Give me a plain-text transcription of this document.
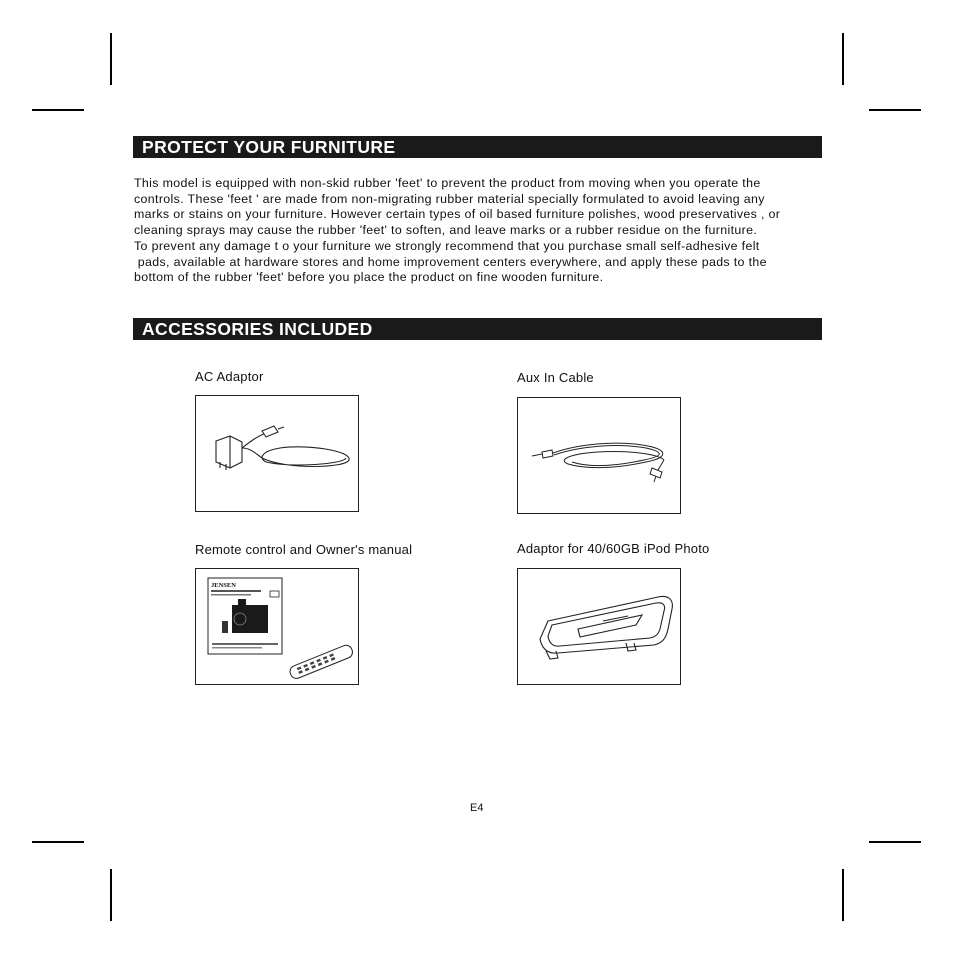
PROTECT YOUR FURNITURE
This model is equipped with non-skid rubber 'feet' to prevent the product from moving when you operate the
controls. These 'feet ' are made from non-migrating rubber material specially formulated to avoid leaving any
marks or stains on your furniture. However certain types of oil based furniture polishes, wood preservatives , or
cleaning sprays may cause the rubber 'feet' to soften, and leave marks or a rubber residue on the furniture.
To prevent any damage t o your furniture we strongly recommend that you purchase small self-adhesive felt
pads, available at hardware stores and home improvement centers everywhere, and apply these pads to the
bottom of the rubber 'feet' before you place the product on fine wooden furniture.
ACCESSORIES INCLUDED
AC Adaptor	Aux In Cable
Remote control and Owner's manual
JENSEN
Adaptor for 40/60GB iPod Photo
E4
